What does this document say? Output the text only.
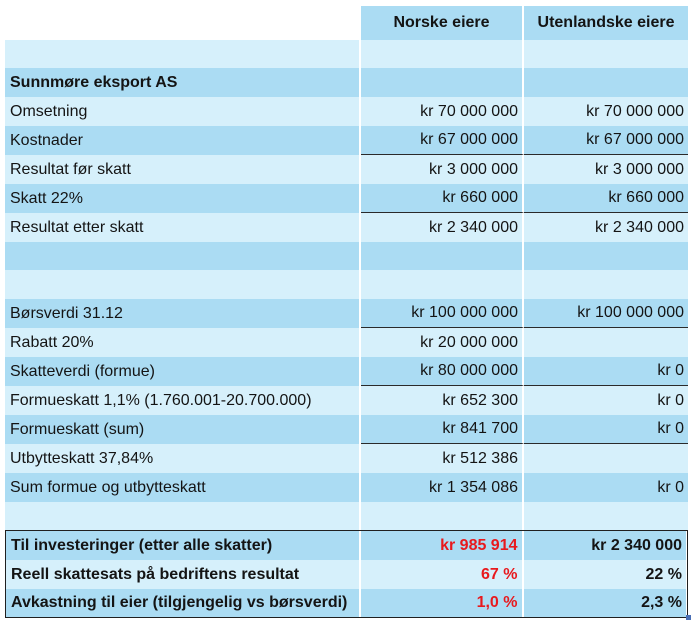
Norske eiere	Utenlandske eiere
Sunnmøre eksport AS
Omsetning	kr 70 000 000	kr 70 000 000
Kostnader	kr 67 000 000	kr 67 000 000
Resultat før skatt	kr 3 000 000	kr 3 000 000
Skatt 22%	kr 660 000	kr 660 000
Resultat etter skatt	kr 2 340 000	kr 2 340 000
Børsverdi 31.12	kr 100 000 000	kr 100 000 000
Rabatt 20%	kr 20 000 000
Skatteverdi (formue)	kr 80 000 000	kr 0
Formueskatt 1,1% (1.760.001-20.700.000)	kr 652 300	kr 0
Formueskatt (sum)	kr 841 700	kr 0
Utbytteskatt 37,84%	kr 512 386
Sum formue og utbytteskatt	kr 1 354 086	kr 0
Til investeringer (etter alle skatter)	kr 985 914	kr 2 340 000
Reell skattesats på bedriftens resultat	67 %	22 %
Avkastning til eier (tilgjengelig vs børsverdi)	1,0 %	2,3 %
